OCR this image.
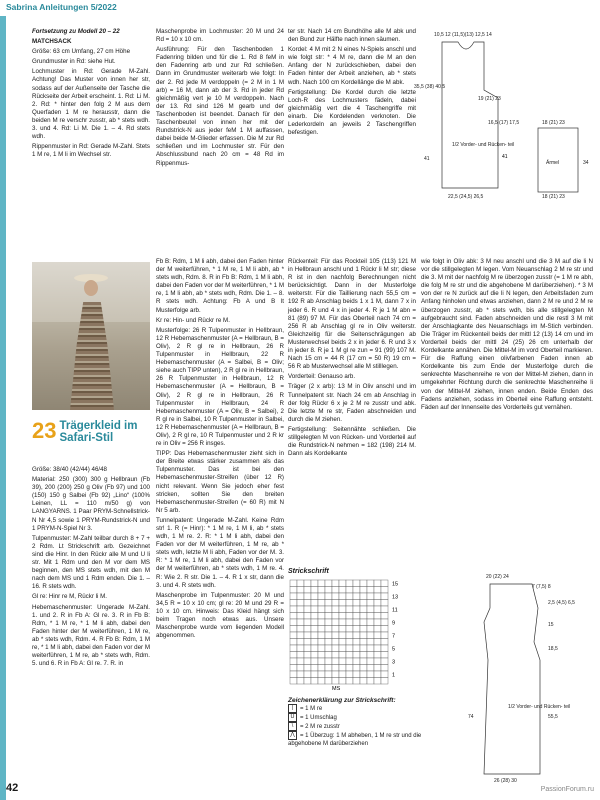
Sabrina Anleitungen 5/2022

Fortsetzung zu Modell 20 – 22

MATCHSACK

Größe: 63 cm Umfang, 27 cm Höhe

Grundmuster in Rd: siehe Hut.

Lochmuster in Rd: Gerade M-Zahl. Achtung! Das Muster von innen her str, sodass auf der Außenseite der Tasche die Rückseite der Arbeit erscheint. 1. Rd: Li M. 2. Rd: * hinter den folg 2 M aus dem Querfaden 1 M re herausstr, dann die beiden M re verschr zusstr, ab * stets wdh. 3. und 4. Rd: Li M. Die 1. – 4. Rd stets wdh.

Rippenmuster in Rd: Gerade M-Zahl. Stets 1 M re, 1 M li im Wechsel str.

Maschenprobe im Lochmuster: 20 M und 24 Rd = 10 x 10 cm.

Ausführung: Für den Taschenboden 1 Fadenring bilden und für die 1. Rd 8 feM in den Fadenring arb und zur Rd schließen. Dann im Grundmuster weiterarb wie folgt: In der 2. Rd jede M verdoppeln (= 2 M in 1 M arb) = 16 M, dann ab der 3. Rd in jeder Rd gleichmäßig vert je 10 M verdoppeln. Nach der 13. Rd sind 126 M gearb und der Taschenboden ist beendet. Danach für den Taschenbeutel von innen her mit der Rundstrick-N aus jeder feM 1 M auffassen, dabei beide M-Glieder erfassen. Die M zur Rd schließen und im Lochmuster str. Für den Abschlussbund nach 20 cm = 48 Rd im Rippenmus-

ter str. Nach 14 cm Bundhöhe alle M abk und den Bund zur Hälfte nach innen säumen.

Kordel: 4 M mit 2 N eines N-Spiels anschl und wie folgt str: * 4 M re, dann die M an den Anfang der N zurückschieben, dabei den Faden hinter der Arbeit anziehen, ab * stets wdh. Nach 100 cm Kordellänge die M abk.

Fertigstellung: Die Kordel durch die letzte Loch-R des Lochmusters fädeln, dabei gleichmäßig vert die 4 Taschengriffe mit einarb. Die Kordelenden verknoten. Die Lederkordeln an jeweils 2 Taschengriffen befestigen.

10,5 12 (11,5)(13) 12,5 14
35,5 (38) 40,5
19 (21) 23
16,5 (17) 17,5
41
1/2 Vorder- und Rücken- teil
22,5 (24,5) 26,5
18 (21) 23
Ärmel	34
18 (21) 23
41
23 Trägerkleid im Safari-Stil

Größe: 38/40 (42/44) 46/48

Material: 250 (300) 300 g Hellbraun (Fb 39), 200 (200) 250 g Oliv (Fb 97) und 100 (150) 150 g Salbei (Fb 92) „Lino“ (100% Leinen, LL = 110 m/50 g) von LANGYARNS. 1 Paar PRYM-Schnellstrick-N Nr 4,5 sowie 1 PRYM-Rundstrick-N und 1 PRYM-N-Spiel Nr 3.

Tulpenmuster: M-Zahl teilbar durch 8 + 7 + 2 Rdm. Lt Strickschrift arb. Gezeichnet sind die Hinr. In den Rückr alle M und U li str. Mit 1 Rdm und den M vor dem MS beginnen, den MS stets wdh, mit den M nach dem MS und 1 Rdm enden. Die 1. – 16. R stets wdh.

Gl re: Hinr re M, Rückr li M.

Hebemaschenmuster: Ungerade M-Zahl. 1. und 2. R in Fb A: Gl re. 3. R in Fb B: Rdm, * 1 M re, * 1 M li abh, dabei den Faden hinter der M weiterführen, 1 M re, ab * stets wdh, Rdm. 4. R Fb B: Rdm, 1 M re, * 1 M li abh, dabei den Faden vor der M weiterführen, 1 M re, ab * stets wdh, Rdm. 5. und 6. R in Fb A: Gl re. 7. R. in

Fb B: Rdm, 1 M li abh, dabei den Faden hinter der M weiterführen, * 1 M re, 1 M li abh, ab * stets wdh, Rdm. 8. R in Fb B: Rdm, 1 M li abh, dabei den Faden vor der M weiterführen, * 1 M re, 1 M li abh, ab * stets wdh, Rdm. Die 1. – 8. R stets wdh. Achtung: Fb A und B lt Musterfolge arb.

Kr re: Hin- und Rückr re M.

Musterfolge: 26 R Tulpenmuster in Hellbraun, 12 R Hebemaschenmuster (A = Hellbraun, B = Oliv), 2 R gl re in Hellbraun, 26 R Tulpenmuster in Hellbraun, 22 R Hebemaschenmuster (A = Salbei, B = Oliv; siehe auch TIPP unten), 2 R gl re in Hellbraun, 26 R Tulpenmuster in Hellbraun, 12 R Hebemaschenmuster (A = Hellbraun, B = Oliv), 2 R gl re in Hellbraun, 26 R Tulpenmuster in Hellbraun, 24 R Hebemaschenmuster (A = Oliv, B = Salbei), 2 R gl re in Salbei, 10 R Tulpenmuster in Salbei, 12 R Hebemaschenmuster (A = Hellbraun, B = Oliv), 2 R gl re, 10 R Tulpenmuster und 2 R kr re in Oliv = 256 R insges.

TIPP: Das Hebemaschenmuster zieht sich in der Breite etwas stärker zusammen als das Tulpenmuster. Das ist bei den Hebemaschenmuster-Streifen (über 12 R) nicht relevant. Wenn Sie jedoch eher fest stricken, sollten Sie den breiten Hebemaschenmuster-Streifen (= 60 R) mit N Nr 5 arb.

Tunnelpatent: Ungerade M-Zahl. Keine Rdm str! 1. R (= Hinr): * 1 M re, 1 M li, ab * stets wdh, 1 M re. 2. R: * 1 M li abh, dabei den Faden vor der M weiterführen, 1 M re, ab * stets wdh, letzte M li abh, Faden vor der M. 3. R: * 1 M re, 1 M li abh, dabei den Faden vor der M weiterführen, ab * stets wdh, 1 M re. 4. R: Wie 2. R str. Die 1. – 4. R 1 x str, dann die 3. und 4. R stets wdh.

Maschenprobe im Tulpenmuster: 20 M und 34,5 R = 10 x 10 cm; gl re: 20 M und 29 R = 10 x 10 cm. Hinweis: Das Kleid hängt sich beim Tragen noch etwas aus. Unsere Maschenprobe wurde vom liegenden Modell abgenommen.

Rückenteil: Für das Rockteil 105 (113) 121 M in Hellbraun anschl und 1 Rückr li M str; diese R ist in den nachfolg Berechnungen nicht berücksichtigt. Dann in der Musterfolge weiterstr. Für die Taillierung nach 55,5 cm = 192 R ab Anschlag beids 1 x 1 M, dann 7 x in jeder 6. R und 4 x in jeder 4. R je 1 M abn = 81 (89) 97 M. Für das Oberteil nach 74 cm = 256 R ab Anschlag gl re in Oliv weiterstr. Gleichzeitig für die Seitenschrägungen ab Musterwechsel beids 2 x in jeder 6. R und 3 x in jeder 8. R je 1 M gl re zun = 91 (99) 107 M. Nach 15 cm = 44 R (17 cm = 50 R) 19 cm = 56 R ab Musterwechsel alle M stilllegen.

Vorderteil: Genauso arb.

Träger (2 x arb): 13 M in Oliv anschl und im Tunnelpatent str. Nach 24 cm ab Anschlag in der folg Rückr 6 x je 2 M re zusstr und abk. Die letzte M re str, Faden abschneiden und durch die M ziehen.

Fertigstellung: Seitennähte schließen. Die stillgelegten M von Rücken- und Vorderteil auf die Rundstrick-N nehmen = 182 (198) 214 M. Dann als Kordelkante

wie folgt in Oliv abk: 3 M neu anschl und die 3 M auf die li N vor die stillgelegten M legen. Vom Neuanschlag 2 M re str und die 3. M mit der nachfolg M re überzogen zusstr (= 1 M re abh, die folg M re str und die abgehobene M darüberziehen). * 3 M von der re N zurück auf die li N legen, den Arbeitsfaden zum Anfang hinholen und etwas anziehen, dann 2 M re und 2 M re überzogen zusstr, ab * stets wdh, bis alle stillgelegten M aufgebraucht sind. Faden abschneiden und die restl 3 M mit der Anschlagkante des Neuanschlags im M-Stich verbinden. Die Träger im Rückenteil beids der mittl 12 (13) 14 cm und im Vorderteil beids der mittl 24 (25) 26 cm unterhalb der Kordelkante annähen. Die Mittel-M im vord Oberteil markieren. Für die Raffung einen olivfarbenen Faden innen ab Kordelkante bis zum Ende der Musterfolge durch die senkrechte Maschenreihe re von der Mittel-M ziehen, dann in umgekehrter Richtung durch die senkrechte Maschenreihe li von der Mittel-M ziehen, innen enden. Beide Enden des Fadens anziehen, sodass im Oberteil eine Raffung entsteht. Fäden auf der Innenseite des Vorderteils gut vernähen.

Strickschrift
15
13
11
9
7
5
3
1
MS
Zeichenerklärung zur Strickschrift:
| = 1 M re
U = 1 Umschlag
\ = 2 M re zusstr
⋀ = 1 Überzug: 1 M abheben, 1 M re str und die abgehobene M darüberziehen
20 (22) 24
7 (7,5) 8
2,5 (4,5) 6,5
15
18,5
74	55,5
1/2 Vorder- und Rücken- teil
26 (28) 30
42	PassionForum.ru
